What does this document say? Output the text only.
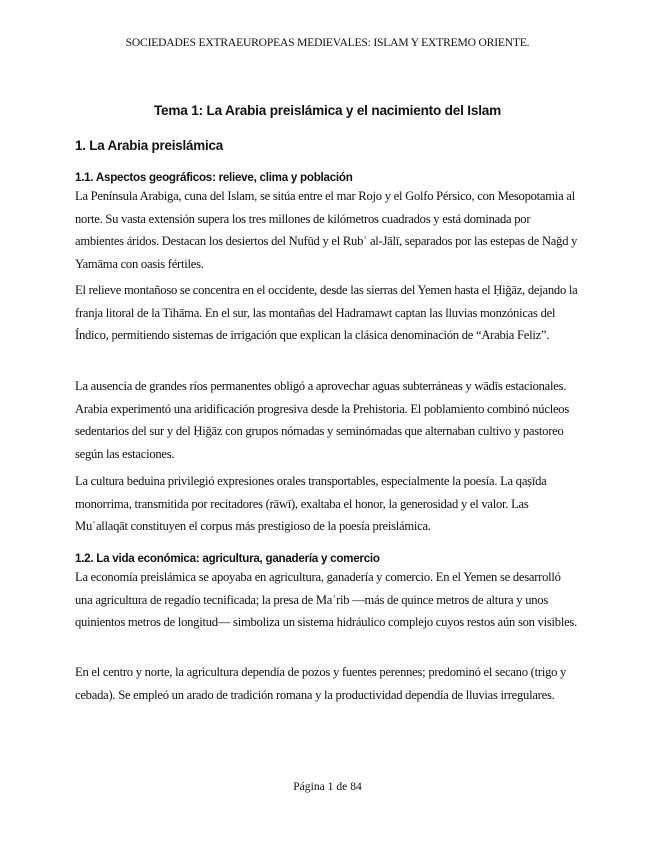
SOCIEDADES EXTRAEUROPEAS MEDIEVALES: ISLAM Y EXTREMO ORIENTE.
Tema 1: La Arabia preislámica y el nacimiento del Islam
1. La Arabia preislámica
1.1. Aspectos geográficos: relieve, clima y población

La Península Arabiga, cuna del Islam, se sitúa entre el mar Rojo y el Golfo Pérsico, con Mesopotamia al norte. Su vasta extensión supera los tres millones de kilómetros cuadrados y está dominada por ambientes áridos. Destacan los desiertos del Nufūd y el Rubʿ al-Jālī, separados por las estepas de Naǧd y Yamāma con oasis fértiles.

El relieve montañoso se concentra en el occidente, desde las sierras del Yemen hasta el Ḥiǧāz, dejando la franja litoral de la Tihāma. En el sur, las montañas del Hadramawt captan las lluvias monzónicas del Índico, permitiendo sistemas de irrigación que explican la clásica denominación de “Arabia Feliz”.

La ausencia de grandes ríos permanentes obligó a aprovechar aguas subterráneas y wādīs estacionales. Arabia experimentó una aridificación progresiva desde la Prehistoria. El poblamiento combinó núcleos sedentarios del sur y del Ḥiǧāz con grupos nómadas y seminómadas que alternaban cultivo y pastoreo según las estaciones.

La cultura beduina privilegió expresiones orales transportables, especialmente la poesía. La qaṣīda monorrima, transmitida por recitadores (rāwī), exaltaba el honor, la generosidad y el valor. Las Muʿallaqāt constituyen el corpus más prestigioso de la poesía preislámica.

1.2. La vida económica: agricultura, ganadería y comercio

La economía preislámica se apoyaba en agricultura, ganadería y comercio. En el Yemen se desarrolló una agricultura de regadío tecnificada; la presa de Maʾrib —más de quince metros de altura y unos quinientos metros de longitud— simboliza un sistema hidráulico complejo cuyos restos aún son visibles.

En el centro y norte, la agricultura dependía de pozos y fuentes perennes; predominó el secano (trigo y cebada). Se empleó un arado de tradición romana y la productividad dependía de lluvias irregulares.

Página 1 de 84
